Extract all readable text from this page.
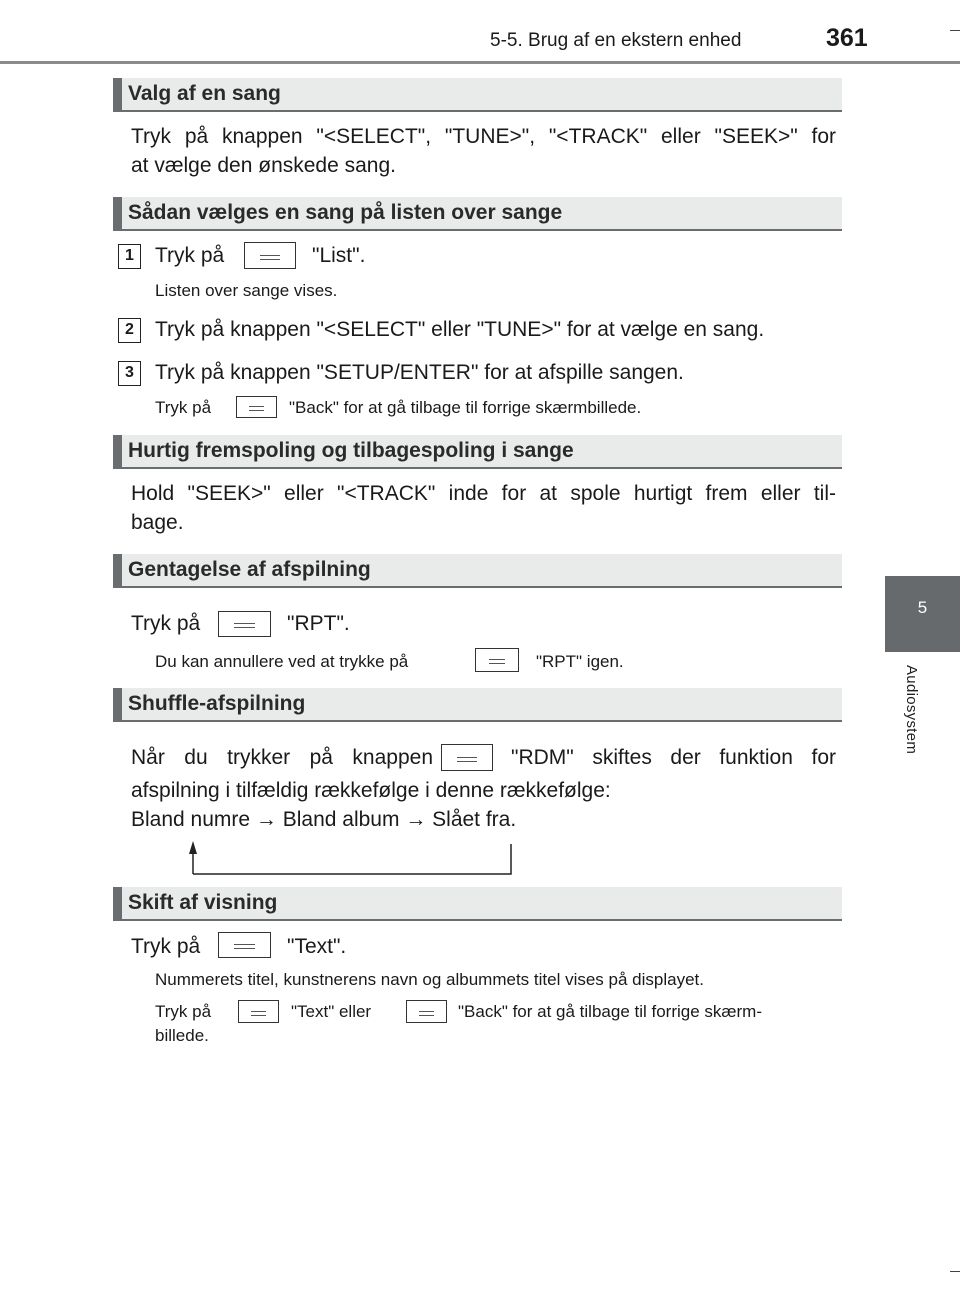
5-5. Brug af en ekstern enhed	361
5
Audiosystem
Valg af en sang
Tryk på knappen "<SELECT", "TUNE>", "<TRACK" eller "SEEK>" for
at vælge den ønskede sang.
Sådan vælges en sang på listen over sange
1	Tryk på	"List".
Listen over sange vises.
2	Tryk på knappen "<SELECT" eller "TUNE>" for at vælge en sang.
3	Tryk på knappen "SETUP/ENTER" for at afspille sangen.
Tryk på	"Back" for at gå tilbage til forrige skærmbillede.
Hurtig fremspoling og tilbagespoling i sange
Hold "SEEK>" eller "<TRACK" inde for at spole hurtigt frem eller til-
bage.
Gentagelse af afspilning
Tryk på	"RPT".
Du kan annullere ved at trykke på	"RPT" igen.
Shuffle-afspilning
Når du trykker på knappen	"RDM" skiftes der funktion for
afspilning i tilfældig rækkefølge i denne rækkefølge:
Bland numre → Bland album → Slået fra.
Skift af visning
Tryk på	"Text".
Nummerets titel, kunstnerens navn og albummets titel vises på displayet.
Tryk på	"Text" eller	"Back" for at gå tilbage til forrige skærm-
billede.
